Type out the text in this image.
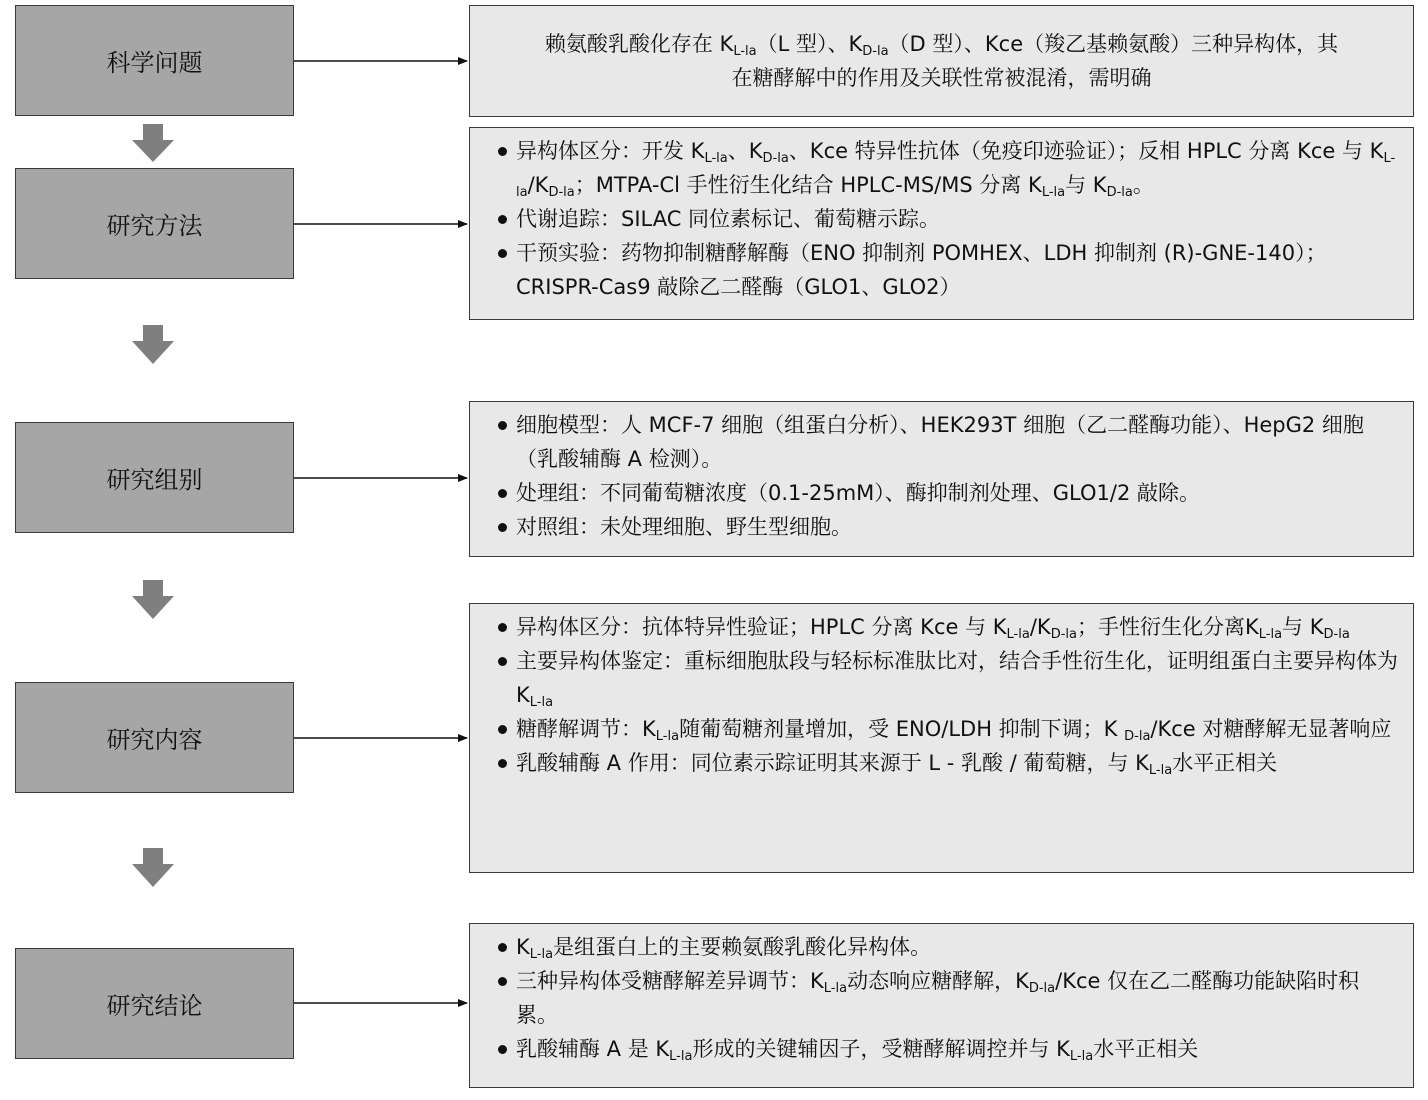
科学问题
研究方法
研究组别
研究内容
研究结论
赖氨酸乳酸化存在 $K_{L-la}(L$ 型）、$K_{D-la}(D$ 型）、Kce（羧乙基赖氨酸）三种异构体，其
在糖酵解中的作用及关联性常被混淆，需明确
异构体区分：开发 $K_{L-la}$、$K_{D-la}$、Kce 特异性抗体（免疫印迹验证）；反相 HPLC 分离 Kce 与 $K_{L-la}/K_{D-la}$；MTPA-Cl 手性衍生化结合 HPLC-MS/MS 分离 $K_{L-la}$与 $K_{D-la}$。
代谢追踪：SILAC 同位素标记、葡萄糖示踪。
干预实验：药物抑制糖酵解酶（ENO 抑制剂 POMHEX、LDH 抑制剂 (R)-GNE-140）；CRISPR-Cas9 敲除乙二醛酶（GLO1、GLO2）
细胞模型：人 MCF-7 细胞（组蛋白分析）、HEK293T 细胞（乙二醛酶功能）、HepG2 细胞（乳酸辅酶 A 检测）。
处理组：不同葡萄糖浓度（0.1-25mM）、酶抑制剂处理、GLO1/2 敲除。
对照组：未处理细胞、野生型细胞。
异构体区分：抗体特异性验证；HPLC 分离 Kce 与 $K_{L-la}/K_{D-la}$；手性衍生化分离$K_{L-la}$与 $K_{D-la}$
主要异构体鉴定：重标细胞肽段与轻标标准肽比对，结合手性衍生化，证明组蛋白主要异构体为$K_{L-la}$
糖酵解调节：$K_{L-la}$随葡萄糖剂量增加，受 ENO/LDH 抑制下调；K $_{D-la}$/Kce 对糖酵解无显著响应
乳酸辅酶 A 作用：同位素示踪证明其来源于 L - 乳酸 / 葡萄糖，与 $K_{L-la}$水平正相关
$K_{L-la}$是组蛋白上的主要赖氨酸乳酸化异构体。
三种异构体受糖酵解差异调节：$K_{L-la}$动态响应糖酵解，$K_{D-la}$/Kce 仅在乙二醛酶功能缺陷时积累。
乳酸辅酶 A 是 $K_{L-la}$形成的关键辅因子，受糖酵解调控并与 $K_{L-la}$水平正相关
